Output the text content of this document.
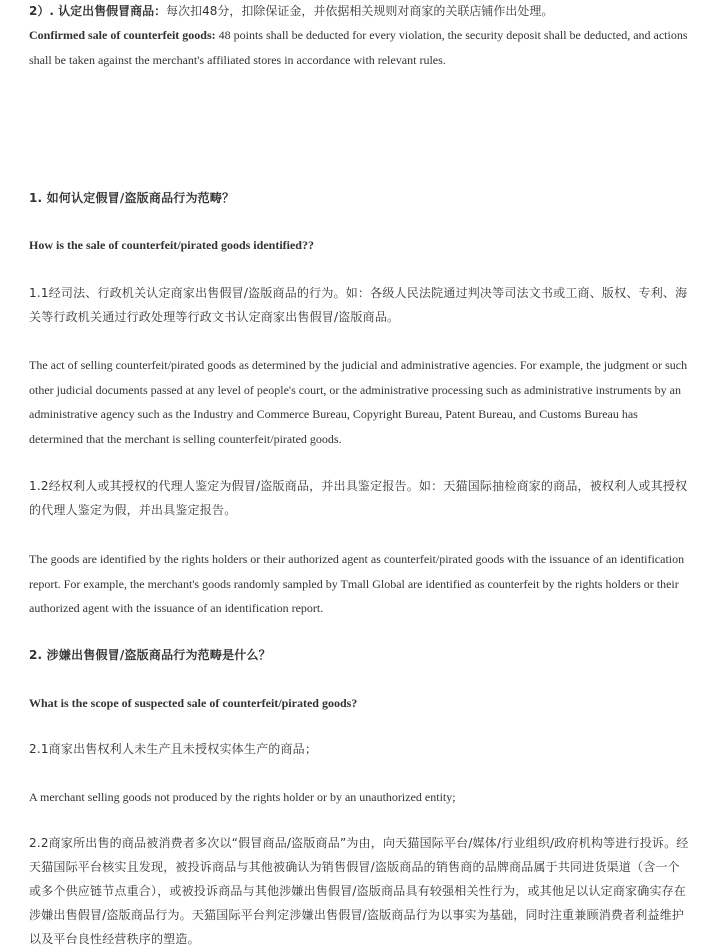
2）. 认定出售假冒商品：每次扣48分，扣除保证金，并依据相关规则对商家的关联店铺作出处理。

Confirmed sale of counterfeit goods: 48 points shall be deducted for every violation, the security deposit shall be deducted, and actions shall be taken against the merchant's affiliated stores in accordance with relevant rules.

1. 如何认定假冒/盗版商品行为范畴？

How is the sale of counterfeit/pirated goods identified??

1.1经司法、行政机关认定商家出售假冒/盗版商品的行为。如：各级人民法院通过判决等司法文书或工商、版权、专利、海关等行政机关通过行政处理等行政文书认定商家出售假冒/盗版商品。

The act of selling counterfeit/pirated goods as determined by the judicial and administrative agencies. For example, the judgment or such other judicial documents passed at any level of people's court, or the administrative processing such as administrative instruments by an administrative agency such as the Industry and Commerce Bureau, Copyright Bureau, Patent Bureau, and Customs Bureau has determined that the merchant is selling counterfeit/pirated goods.

1.2经权利人或其授权的代理人鉴定为假冒/盗版商品，并出具鉴定报告。如：天猫国际抽检商家的商品，被权利人或其授权的代理人鉴定为假，并出具鉴定报告。

The goods are identified by the rights holders or their authorized agent as counterfeit/pirated goods with the issuance of an identification report. For example, the merchant's goods randomly sampled by Tmall Global are identified as counterfeit by the rights holders or their authorized agent with the issuance of an identification report.

2. 涉嫌出售假冒/盗版商品行为范畴是什么？

What is the scope of suspected sale of counterfeit/pirated goods?

2.1商家出售权利人未生产且未授权实体生产的商品；

A merchant selling goods not produced by the rights holder or by an unauthorized entity;

2.2商家所出售的商品被消费者多次以“假冒商品/盗版商品”为由，向天猫国际平台/媒体/行业组织/政府机构等进行投诉。经天猫国际平台核实且发现，被投诉商品与其他被确认为销售假冒/盗版商品的销售商的品牌商品属于共同进货渠道（含一个或多个供应链节点重合），或被投诉商品与其他涉嫌出售假冒/盗版商品具有较强相关性行为，或其他足以认定商家确实存在涉嫌出售假冒/盗版商品行为。天猫国际平台判定涉嫌出售假冒/盗版商品行为以事实为基础，同时注重兼顾消费者利益维护以及平台良性经营秩序的塑造。
